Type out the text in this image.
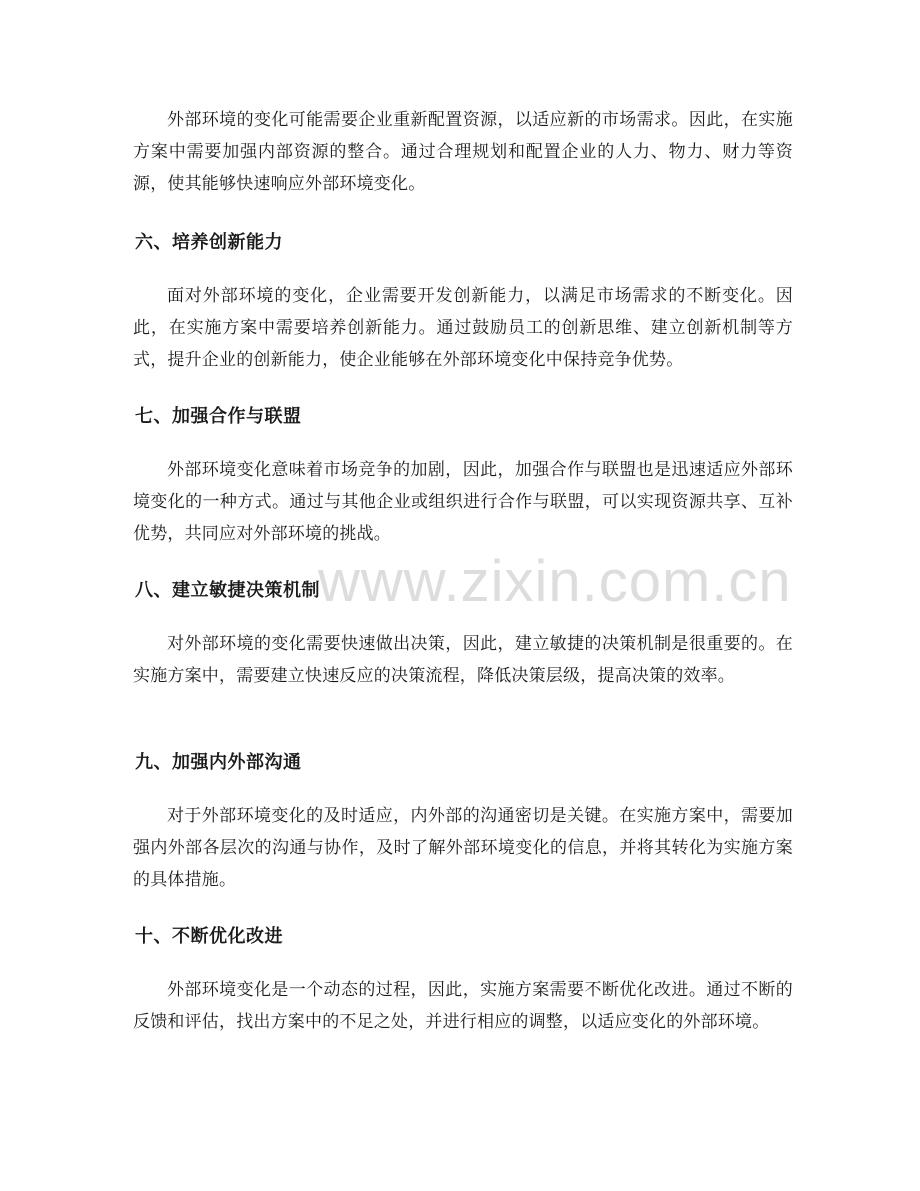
外部环境的变化可能需要企业重新配置资源，以适应新的市场需求。因此，在实施方案中需要加强内部资源的整合。通过合理规划和配置企业的人力、物力、财力等资源，使其能够快速响应外部环境变化。

六、培养创新能力

面对外部环境的变化，企业需要开发创新能力，以满足市场需求的不断变化。因此，在实施方案中需要培养创新能力。通过鼓励员工的创新思维、建立创新机制等方式，提升企业的创新能力，使企业能够在外部环境变化中保持竞争优势。

七、加强合作与联盟

外部环境变化意味着市场竞争的加剧，因此，加强合作与联盟也是迅速适应外部环境变化的一种方式。通过与其他企业或组织进行合作与联盟，可以实现资源共享、互补优势，共同应对外部环境的挑战。

八、建立敏捷决策机制

对外部环境的变化需要快速做出决策，因此，建立敏捷的决策机制是很重要的。在实施方案中，需要建立快速反应的决策流程，降低决策层级，提高决策的效率。

九、加强内外部沟通

对于外部环境变化的及时适应，内外部的沟通密切是关键。在实施方案中，需要加强内外部各层次的沟通与协作，及时了解外部环境变化的信息，并将其转化为实施方案的具体措施。

十、不断优化改进

外部环境变化是一个动态的过程，因此，实施方案需要不断优化改进。通过不断的反馈和评估，找出方案中的不足之处，并进行相应的调整，以适应变化的外部环境。

www.zixin.com.cn
